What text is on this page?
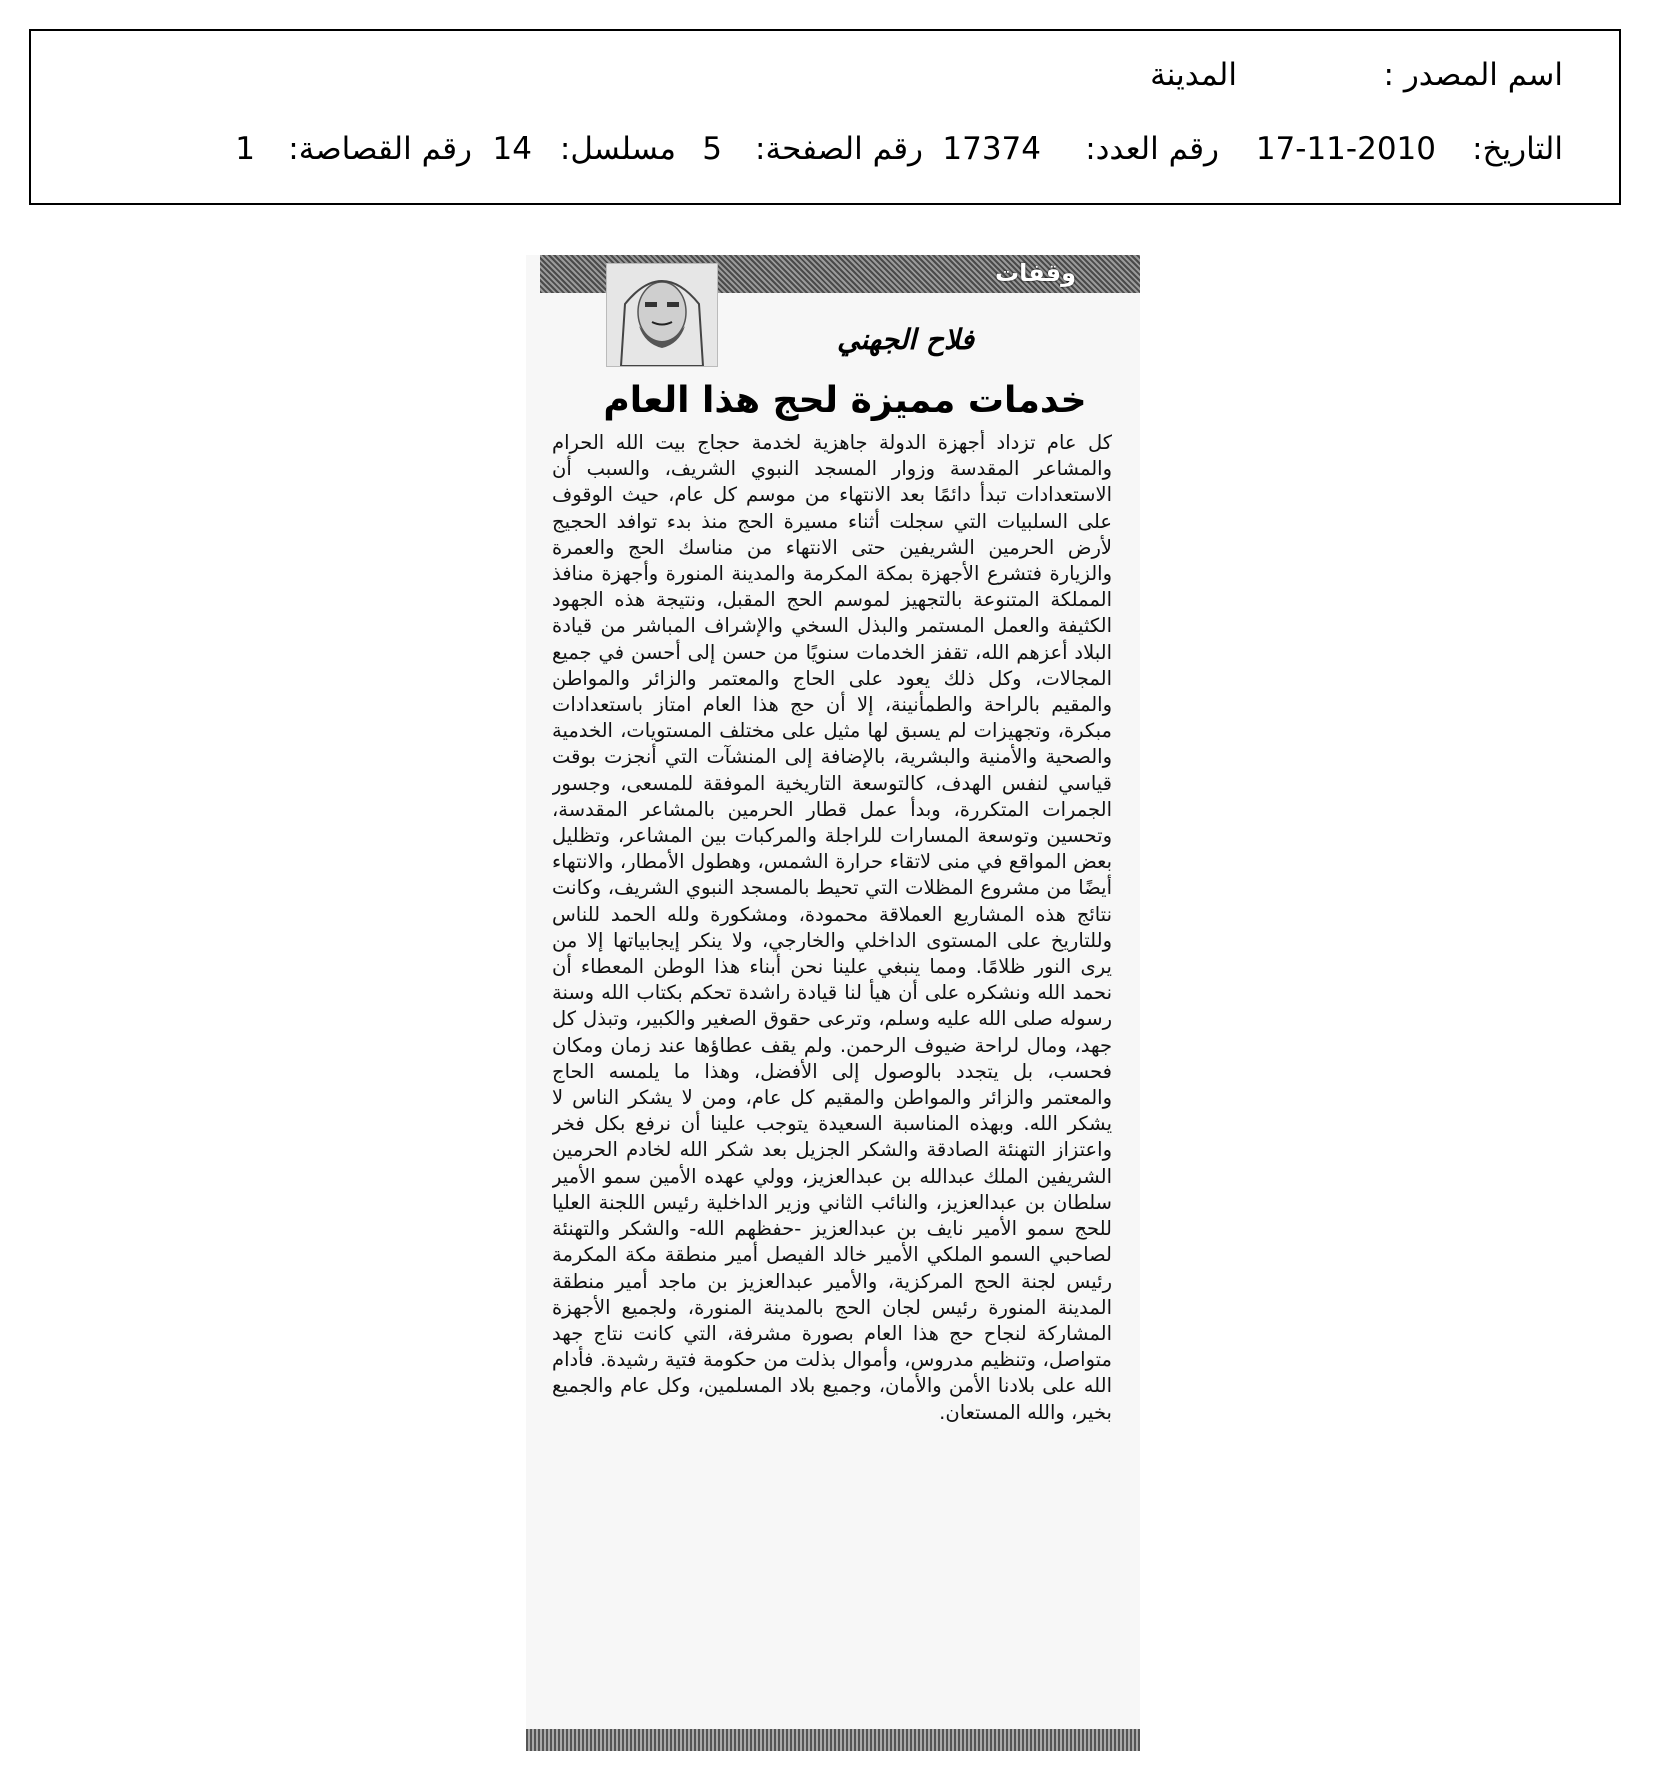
اسم المصدر :
المدينة
التاريخ:
17-11-2010
رقم العدد:
17374
رقم الصفحة:
5
مسلسل:
14
رقم القصاصة:
1
وقفات
فلاح الجهني
خدمات مميزة لحج هذا العام
كل عام تزداد أجهزة الدولة جاهزية لخدمة حجاج بيت الله الحرام والمشاعر المقدسة وزوار المسجد النبوي الشريف، والسبب أن الاستعدادات تبدأ دائمًا بعد الانتهاء من موسم كل عام، حيث الوقوف على السلبيات التي سجلت أثناء مسيرة الحج منذ بدء توافد الحجيج لأرض الحرمين الشريفين حتى الانتهاء من مناسك الحج والعمرة والزيارة فتشرع الأجهزة بمكة المكرمة والمدينة المنورة وأجهزة منافذ المملكة المتنوعة بالتجهيز لموسم الحج المقبل، ونتيجة هذه الجهود الكثيفة والعمل المستمر والبذل السخي والإشراف المباشر من قيادة البلاد أعزهم الله، تقفز الخدمات سنويًا من حسن إلى أحسن في جميع المجالات، وكل ذلك يعود على الحاج والمعتمر والزائر والمواطن والمقيم بالراحة والطمأنينة، إلا أن حج هذا العام امتاز باستعدادات مبكرة، وتجهيزات لم يسبق لها مثيل على مختلف المستويات، الخدمية والصحية والأمنية والبشرية، بالإضافة إلى المنشآت التي أنجزت بوقت قياسي لنفس الهدف، كالتوسعة التاريخية الموفقة للمسعى، وجسور الجمرات المتكررة، وبدأ عمل قطار الحرمين بالمشاعر المقدسة، وتحسين وتوسعة المسارات للراجلة والمركبات بين المشاعر، وتظليل بعض المواقع في منى لاتقاء حرارة الشمس، وهطول الأمطار، والانتهاء أيضًا من مشروع المظلات التي تحيط بالمسجد النبوي الشريف، وكانت نتائج هذه المشاريع العملاقة محمودة، ومشكورة ولله الحمد للناس وللتاريخ على المستوى الداخلي والخارجي، ولا ينكر إيجابياتها إلا من يرى النور ظلامًا. ومما ينبغي علينا نحن أبناء هذا الوطن المعطاء أن نحمد الله ونشكره على أن هيأ لنا قيادة راشدة تحكم بكتاب الله وسنة رسوله صلى الله عليه وسلم، وترعى حقوق الصغير والكبير، وتبذل كل جهد، ومال لراحة ضيوف الرحمن. ولم يقف عطاؤها عند زمان ومكان فحسب، بل يتجدد بالوصول إلى الأفضل، وهذا ما يلمسه الحاج والمعتمر والزائر والمواطن والمقيم كل عام، ومن لا يشكر الناس لا يشكر الله. وبهذه المناسبة السعيدة يتوجب علينا أن نرفع بكل فخر واعتزاز التهنئة الصادقة والشكر الجزيل بعد شكر الله لخادم الحرمين الشريفين الملك عبدالله بن عبدالعزيز، وولي عهده الأمين سمو الأمير سلطان بن عبدالعزيز، والنائب الثاني وزير الداخلية رئيس اللجنة العليا للحج سمو الأمير نايف بن عبدالعزيز -حفظهم الله- والشكر والتهنئة لصاحبي السمو الملكي الأمير خالد الفيصل أمير منطقة مكة المكرمة رئيس لجنة الحج المركزية، والأمير عبدالعزيز بن ماجد أمير منطقة المدينة المنورة رئيس لجان الحج بالمدينة المنورة، ولجميع الأجهزة المشاركة لنجاح حج هذا العام بصورة مشرفة، التي كانت نتاج جهد متواصل، وتنظيم مدروس، وأموال بذلت من حكومة فتية رشيدة. فأدام الله على بلادنا الأمن والأمان، وجميع بلاد المسلمين، وكل عام والجميع بخير، والله المستعان.
